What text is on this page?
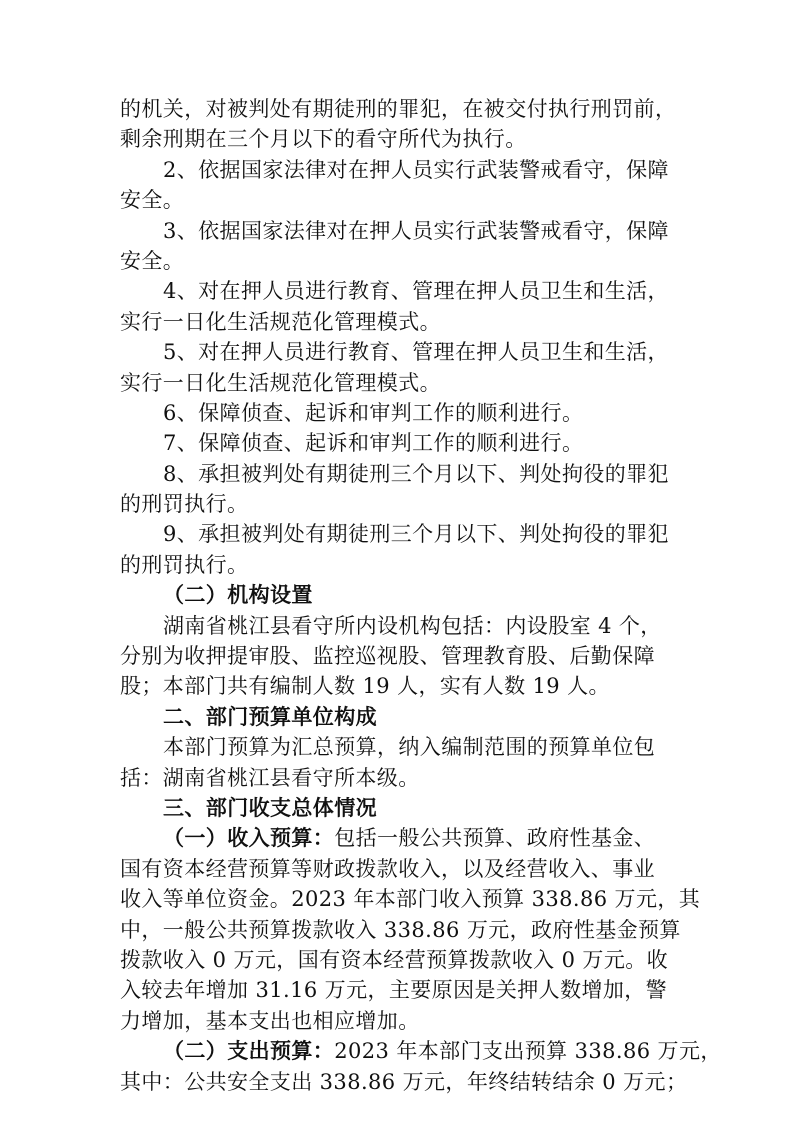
的机关，对被判处有期徒刑的罪犯，在被交付执行刑罚前，
剩余刑期在三个月以下的看守所代为执行。
2、依据国家法律对在押人员实行武装警戒看守，保障
安全。
3、依据国家法律对在押人员实行武装警戒看守，保障
安全。
4、对在押人员进行教育、管理在押人员卫生和生活，
实行一日化生活规范化管理模式。
5、对在押人员进行教育、管理在押人员卫生和生活，
实行一日化生活规范化管理模式。
6、保障侦查、起诉和审判工作的顺利进行。
7、保障侦查、起诉和审判工作的顺利进行。
8、承担被判处有期徒刑三个月以下、判处拘役的罪犯
的刑罚执行。
9、承担被判处有期徒刑三个月以下、判处拘役的罪犯
的刑罚执行。
（二）机构设置
湖南省桃江县看守所内设机构包括：内设股室 4 个，
分别为收押提审股、监控巡视股、管理教育股、后勤保障
股；本部门共有编制人数 19 人，实有人数 19 人。
二、部门预算单位构成
本部门预算为汇总预算，纳入编制范围的预算单位包
括：湖南省桃江县看守所本级。
三、部门收支总体情况
（一）收入预算：包括一般公共预算、政府性基金、
国有资本经营预算等财政拨款收入，以及经营收入、事业
收入等单位资金。2023 年本部门收入预算 338.86 万元，其
中，一般公共预算拨款收入 338.86 万元，政府性基金预算
拨款收入 0 万元，国有资本经营预算拨款收入 0 万元。收
入较去年增加 31.16 万元，主要原因是关押人数增加，警
力增加，基本支出也相应增加。
（二）支出预算：2023 年本部门支出预算 338.86 万元，
其中：公共安全支出 338.86 万元，年终结转结余 0 万元；
